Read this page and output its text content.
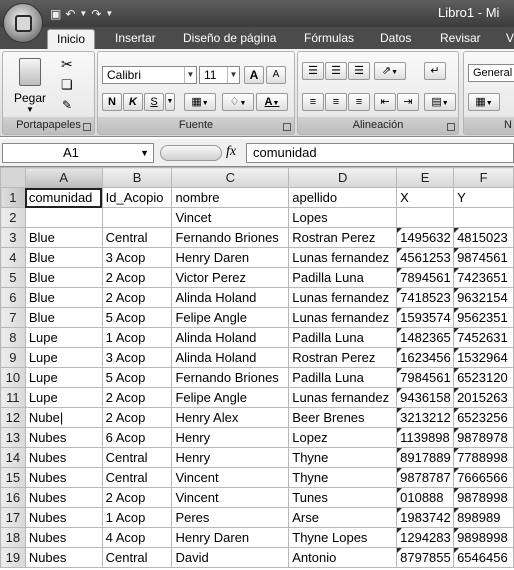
▣ ↶ ▼ ↷ ▼	Libro1 - Mi
Inicio	Insertar Diseño de página Fórmulas Datos Revisar V
Pegar
▼
✂
❏
✎
Portapapeles
Calibri	▼ 11	▼	A	A
N	K	S	▼	▦▼	♢▼	A▼
Fuente
☰	☰	☰	⇗▼	↵
≡	≡	≡	⇤	⇥	▤▼
Alineación
General
▦▼
N
A1	▼	fx	comunidad
	A	B	C	D	E	F
1	comunidad	Id_Acopio	nombre	apellido	X	Y
2			Vincet	Lopes		
3	Blue	Central	Fernando Briones	Rostran Perez	1495632	4815023
4	Blue	3 Acop	Henry Daren	Lunas fernandez	4561253	9874561
5	Blue	2 Acop	Victor Perez	Padilla Luna	7894561	7423651
6	Blue	2 Acop	Alinda Holand	Lunas fernandez	7418523	9632154
7	Blue	5 Acop	Felipe Angle	Lunas fernandez	1593574	9562351
8	Lupe	1 Acop	Alinda Holand	Padilla Luna	1482365	7452631
9	Lupe	3 Acop	Alinda Holand	Rostran Perez	1623456	1532964
10	Lupe	5 Acop	Fernando Briones	Padilla Luna	7984561	6523120
11	Lupe	2 Acop	Felipe Angle	Lunas fernandez	9436158	2015263
12	Nube|	2 Acop	Henry Alex	Beer Brenes	3213212	6523256
13	Nubes	6 Acop	Henry	Lopez	1139898	9878978
14	Nubes	Central	Henry	Thyne	8917889	7788998
15	Nubes	Central	Vincent	Thyne	9878787	7666566
16	Nubes	2 Acop	Vincent	Tunes	010888	9878998
17	Nubes	1 Acop	Peres	Arse	1983742	898989
18	Nubes	4 Acop	Henry Daren	Thyne Lopes	1294283	9898998
19	Nubes	Central	David	Antonio	8797855	6546456
